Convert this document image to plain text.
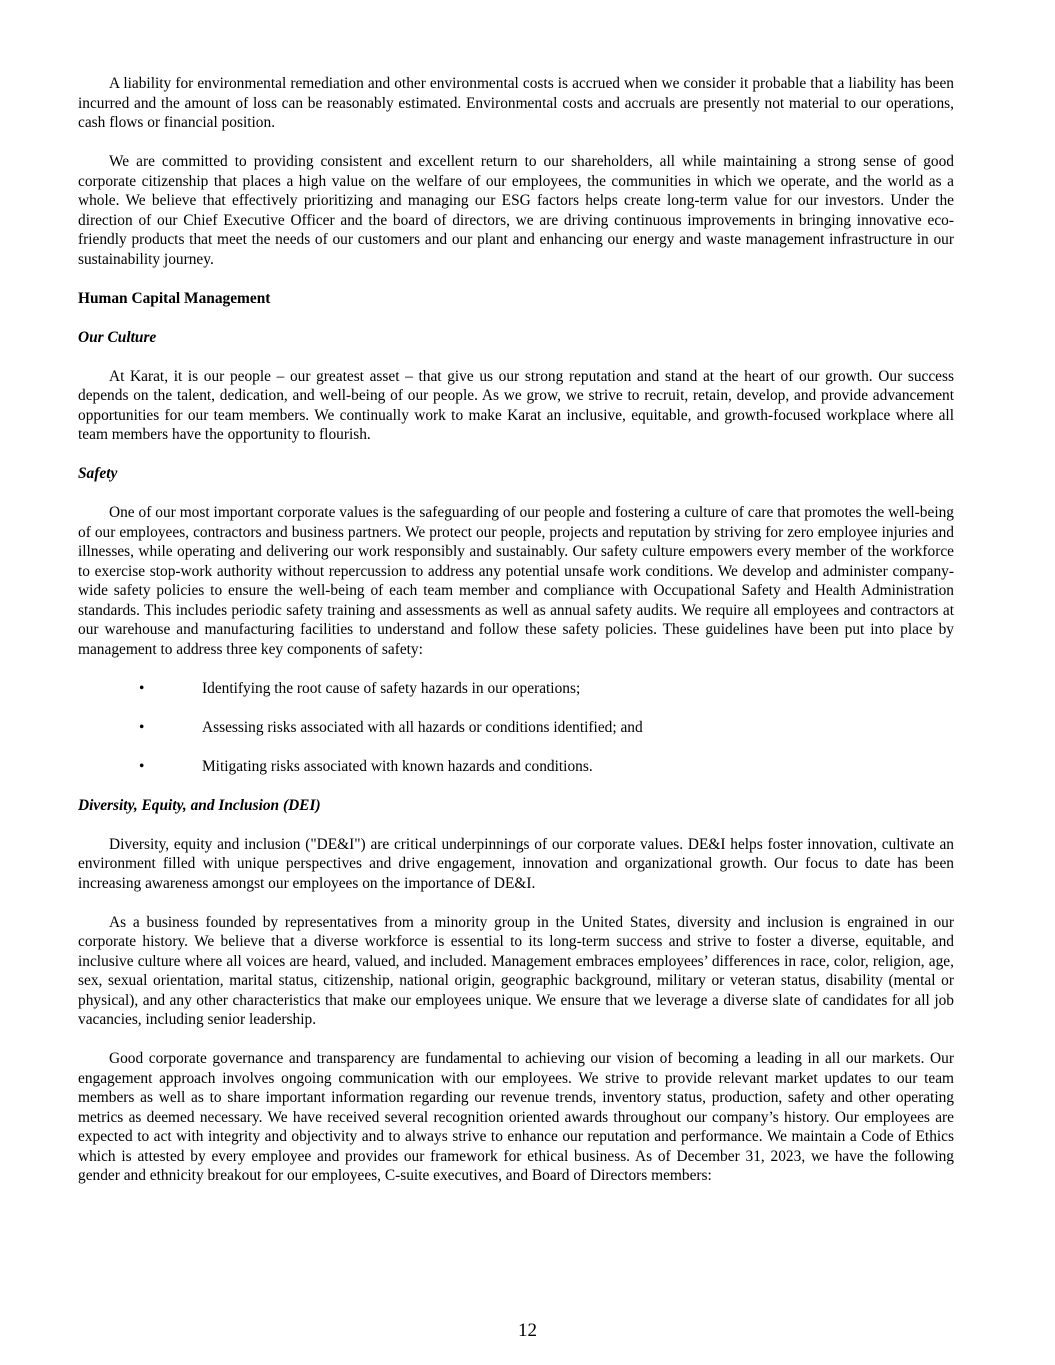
A liability for environmental remediation and other environmental costs is accrued when we consider it probable that a liability has been incurred and the amount of loss can be reasonably estimated. Environmental costs and accruals are presently not material to our operations, cash flows or financial position.

We are committed to providing consistent and excellent return to our shareholders, all while maintaining a strong sense of good corporate citizenship that places a high value on the welfare of our employees, the communities in which we operate, and the world as a whole. We believe that effectively prioritizing and managing our ESG factors helps create long-term value for our investors. Under the direction of our Chief Executive Officer and the board of directors, we are driving continuous improvements in bringing innovative eco-friendly products that meet the needs of our customers and our plant and enhancing our energy and waste management infrastructure in our sustainability journey.

Human Capital Management
Our Culture

At Karat, it is our people – our greatest asset – that give us our strong reputation and stand at the heart of our growth. Our success depends on the talent, dedication, and well-being of our people. As we grow, we strive to recruit, retain, develop, and provide advancement opportunities for our team members. We continually work to make Karat an inclusive, equitable, and growth-focused workplace where all team members have the opportunity to flourish.

Safety

One of our most important corporate values is the safeguarding of our people and fostering a culture of care that promotes the well-being of our employees, contractors and business partners. We protect our people, projects and reputation by striving for zero employee injuries and illnesses, while operating and delivering our work responsibly and sustainably. Our safety culture empowers every member of the workforce to exercise stop-work authority without repercussion to address any potential unsafe work conditions. We develop and administer company-wide safety policies to ensure the well-being of each team member and compliance with Occupational Safety and Health Administration standards. This includes periodic safety training and assessments as well as annual safety audits. We require all employees and contractors at our warehouse and manufacturing facilities to understand and follow these safety policies. These guidelines have been put into place by management to address three key components of safety:

•	Identifying the root cause of safety hazards in our operations;
•	Assessing risks associated with all hazards or conditions identified; and
•	Mitigating risks associated with known hazards and conditions.
Diversity, Equity, and Inclusion (DEI)

Diversity, equity and inclusion ("DE&I") are critical underpinnings of our corporate values. DE&I helps foster innovation, cultivate an environment filled with unique perspectives and drive engagement, innovation and organizational growth. Our focus to date has been increasing awareness amongst our employees on the importance of DE&I.

As a business founded by representatives from a minority group in the United States, diversity and inclusion is engrained in our corporate history. We believe that a diverse workforce is essential to its long-term success and strive to foster a diverse, equitable, and inclusive culture where all voices are heard, valued, and included. Management embraces employees’ differences in race, color, religion, age, sex, sexual orientation, marital status, citizenship, national origin, geographic background, military or veteran status, disability (mental or physical), and any other characteristics that make our employees unique. We ensure that we leverage a diverse slate of candidates for all job vacancies, including senior leadership.

Good corporate governance and transparency are fundamental to achieving our vision of becoming a leading in all our markets. Our engagement approach involves ongoing communication with our employees. We strive to provide relevant market updates to our team members as well as to share important information regarding our revenue trends, inventory status, production, safety and other operating metrics as deemed necessary. We have received several recognition oriented awards throughout our company’s history. Our employees are expected to act with integrity and objectivity and to always strive to enhance our reputation and performance. We maintain a Code of Ethics which is attested by every employee and provides our framework for ethical business. As of December 31, 2023, we have the following gender and ethnicity breakout for our employees, C-suite executives, and Board of Directors members:

12
